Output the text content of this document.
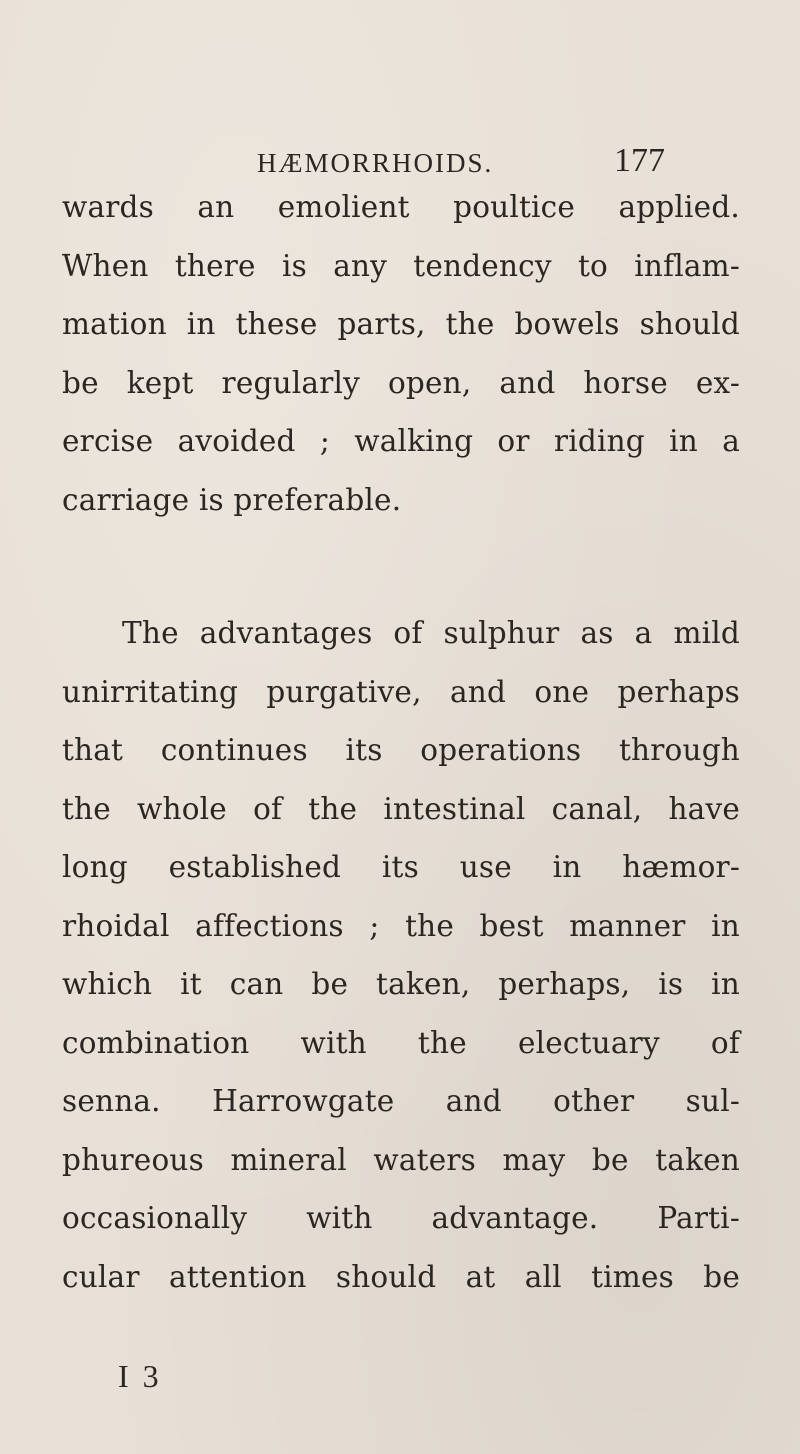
HÆMORRHOIDS.	177
wards an emolient poultice applied.
When there is any tendency to inflam-
mation in these parts, the bowels should
be kept regularly open, and horse ex-
ercise avoided ; walking or riding in a
carriage is preferable.
The advantages of sulphur as a mild
unirritating purgative, and one perhaps
that continues its operations through
the whole of the intestinal canal, have
long established its use in hæmor-
rhoidal affections ; the best manner in
which it can be taken, perhaps, is in
combination with the electuary of
senna. Harrowgate and other sul-
phureous mineral waters may be taken
occasionally with advantage. Parti-
cular attention should at all times be
I 3
